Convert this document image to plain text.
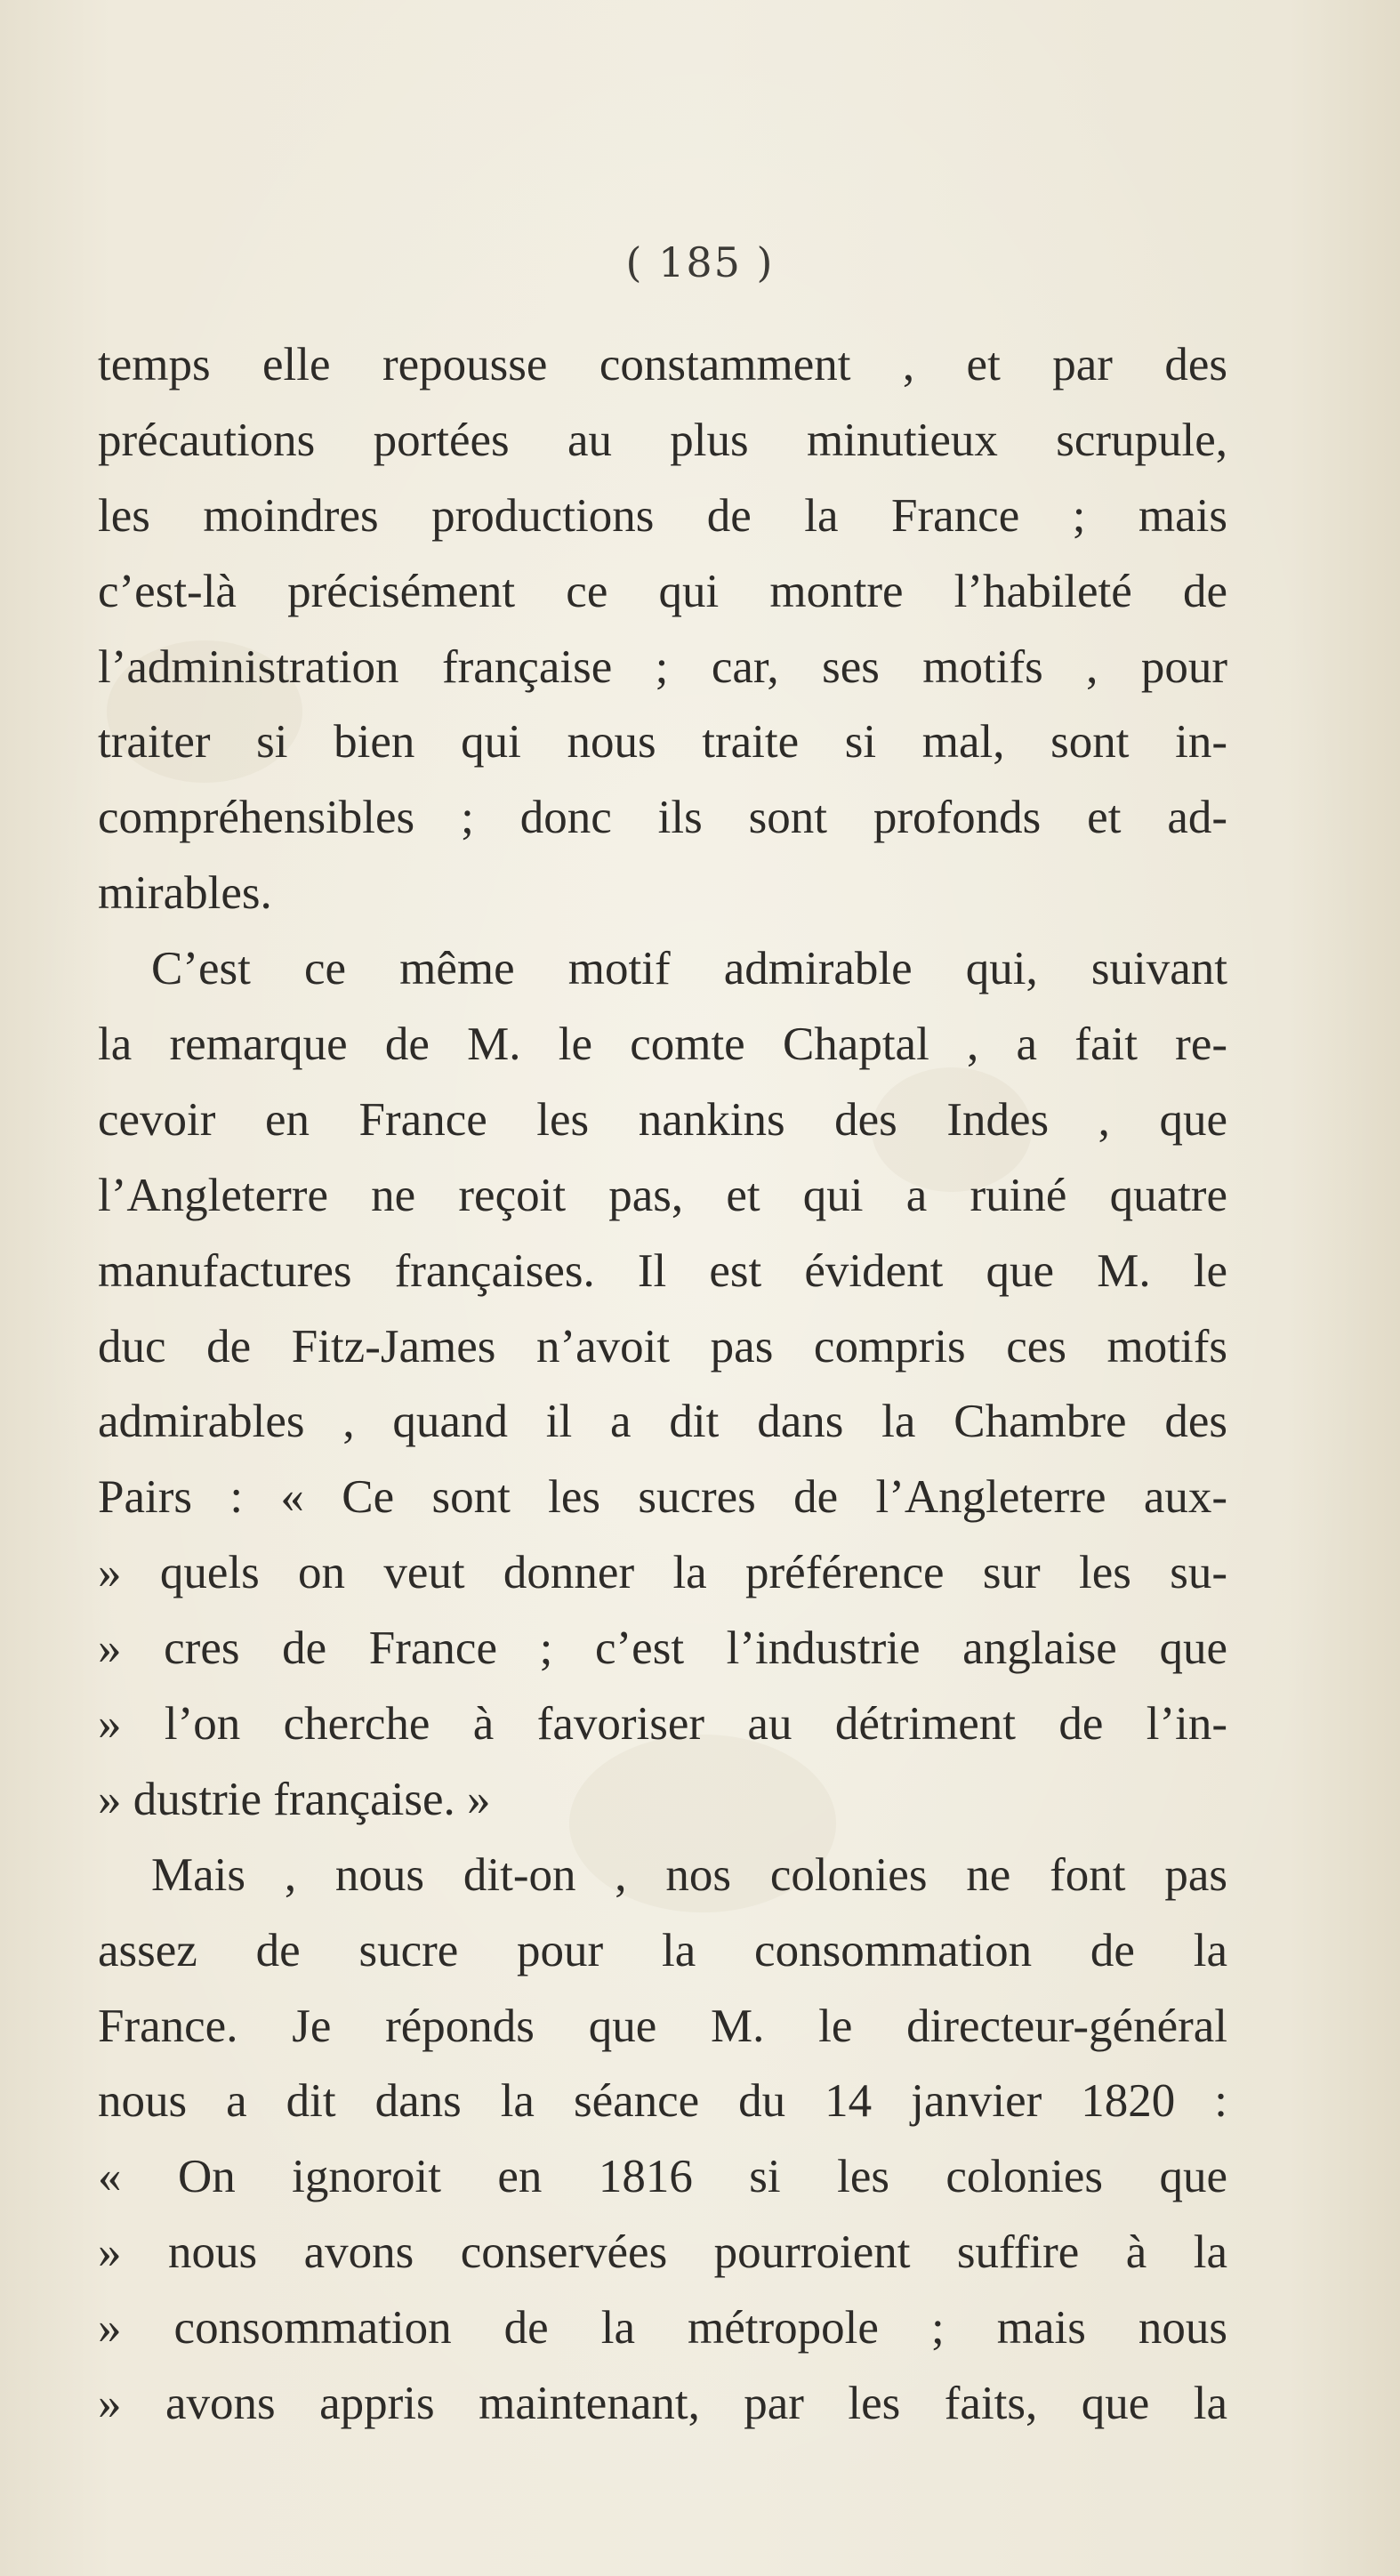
( 185 )
temps elle repousse constamment , et par des
précautions portées au plus minutieux scrupule,
les moindres productions de la France ; mais
c’est-là précisément ce qui montre l’habileté de
l’administration française ; car, ses motifs , pour
traiter si bien qui nous traite si mal, sont in-
compréhensibles ; donc ils sont profonds et ad-
mirables.
C’est ce même motif admirable qui, suivant
la remarque de M. le comte Chaptal , a fait re-
cevoir en France les nankins des Indes , que
l’Angleterre ne reçoit pas, et qui a ruiné quatre
manufactures françaises. Il est évident que M. le
duc de Fitz-James n’avoit pas compris ces motifs
admirables , quand il a dit dans la Chambre des
Pairs : « Ce sont les sucres de l’Angleterre aux-
» quels on veut donner la préférence sur les su-
» cres de France ; c’est l’industrie anglaise que
» l’on cherche à favoriser au détriment de l’in-
» dustrie française. »
Mais , nous dit-on , nos colonies ne font pas
assez de sucre pour la consommation de la
France. Je réponds que M. le directeur-général
nous a dit dans la séance du 14 janvier 1820 :
« On ignoroit en 1816 si les colonies que
» nous avons conservées pourroient suffire à la
» consommation de la métropole ; mais nous
» avons appris maintenant, par les faits, que la
